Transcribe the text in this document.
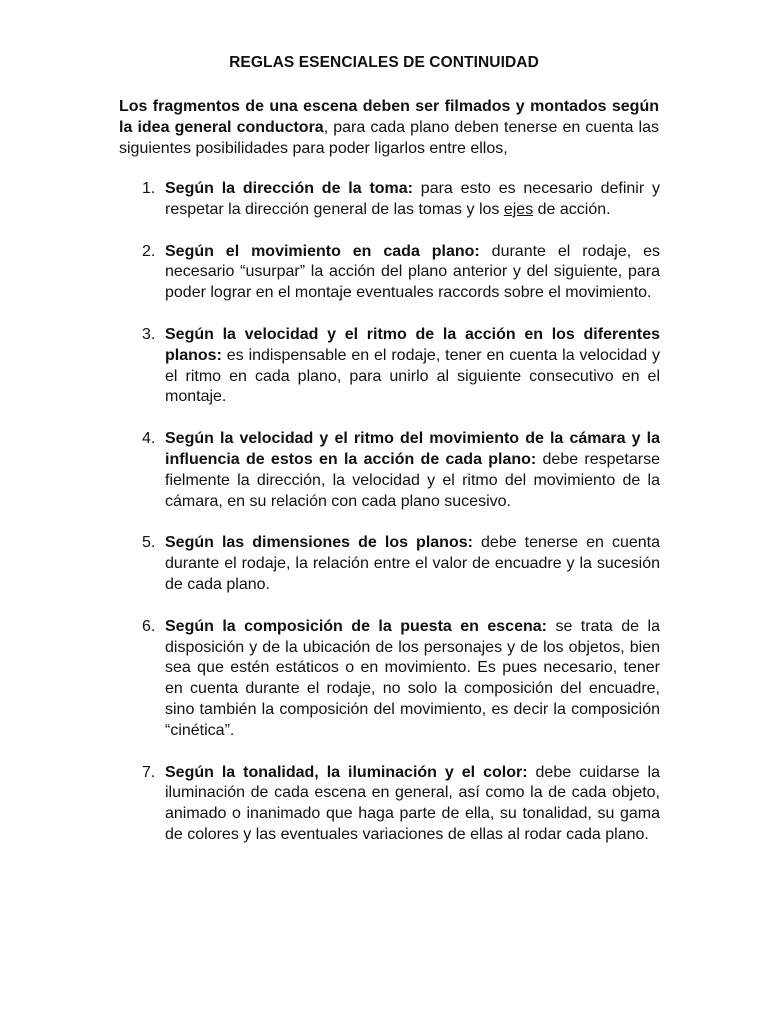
REGLAS ESENCIALES DE CONTINUIDAD

Los fragmentos de una escena deben ser filmados y montados según la idea general conductora, para cada plano deben tenerse en cuenta las siguientes posibilidades para poder ligarlos entre ellos,

1. Según la dirección de la toma: para esto es necesario definir y respetar la dirección general de las tomas y los ejes de acción.
2. Según el movimiento en cada plano: durante el rodaje, es necesario “usurpar” la acción del plano anterior y del siguiente, para poder lograr en el montaje eventuales raccords sobre el movimiento.
3. Según la velocidad y el ritmo de la acción en los diferentes planos: es indispensable en el rodaje, tener en cuenta la velocidad y el ritmo en cada plano, para unirlo al siguiente consecutivo en el montaje.
4. Según la velocidad y el ritmo del movimiento de la cámara y la influencia de estos en la acción de cada plano: debe respetarse fielmente la dirección, la velocidad y el ritmo del movimiento de la cámara, en su relación con cada plano sucesivo.
5. Según las dimensiones de los planos: debe tenerse en cuenta durante el rodaje, la relación entre el valor de encuadre y la sucesión de cada plano.
6. Según la composición de la puesta en escena: se trata de la disposición y de la ubicación de los personajes y de los objetos, bien sea que estén estáticos o en movimiento. Es pues necesario, tener en cuenta durante el rodaje, no solo la composición del encuadre, sino también la composición del movimiento, es decir la composición “cinética”.
7. Según la tonalidad, la iluminación y el color: debe cuidarse la iluminación de cada escena en general, así como la de cada objeto, animado o inanimado que haga parte de ella, su tonalidad, su gama de colores y las eventuales variaciones de ellas al rodar cada plano.
